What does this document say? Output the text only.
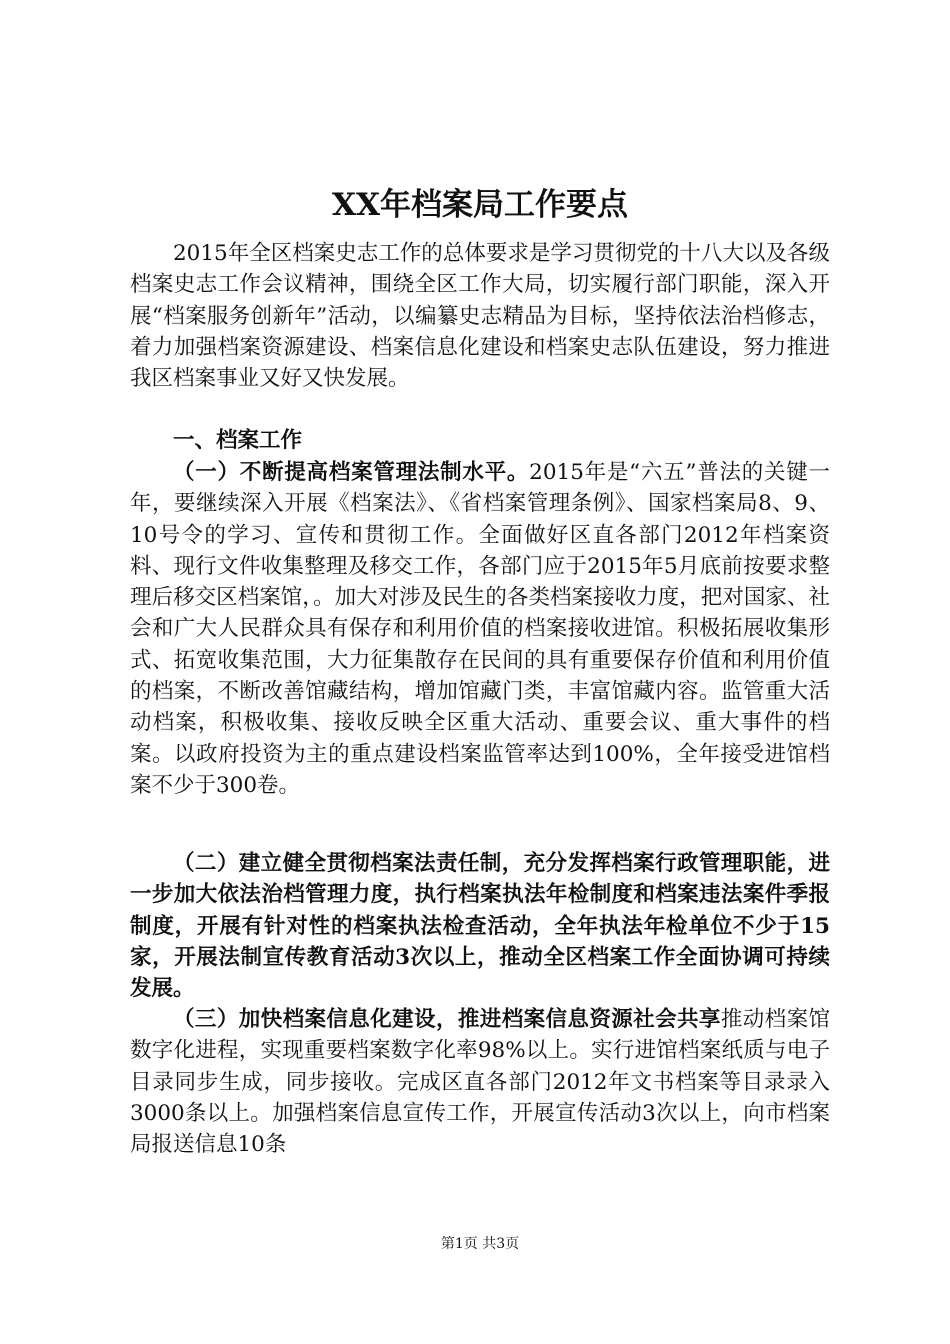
XX年档案局工作要点

2015年全区档案史志工作的总体要求是学习贯彻党的十八大以及各级档案史志工作会议精神，围绕全区工作大局，切实履行部门职能，深入开展“档案服务创新年”活动，以编纂史志精品为目标，坚持依法治档修志，着力加强档案资源建设、档案信息化建设和档案史志队伍建设，努力推进我区档案事业又好又快发展。

一、档案工作

（一）不断提高档案管理法制水平。2015年是“六五”普法的关键一年，要继续深入开展《档案法》、《省档案管理条例》、国家档案局8、9、10号令的学习、宣传和贯彻工作。全面做好区直各部门2012年档案资料、现行文件收集整理及移交工作，各部门应于2015年5月底前按要求整理后移交区档案馆，。加大对涉及民生的各类档案接收力度，把对国家、社会和广大人民群众具有保存和利用价值的档案接收进馆。积极拓展收集形式、拓宽收集范围，大力征集散存在民间的具有重要保存价值和利用价值的档案，不断改善馆藏结构，增加馆藏门类，丰富馆藏内容。监管重大活动档案，积极收集、接收反映全区重大活动、重要会议、重大事件的档案。以政府投资为主的重点建设档案监管率达到100%，全年接受进馆档案不少于300卷。

（二）建立健全贯彻档案法责任制，充分发挥档案行政管理职能，进一步加大依法治档管理力度，执行档案执法年检制度和档案违法案件季报制度，开展有针对性的档案执法检查活动，全年执法年检单位不少于15家，开展法制宣传教育活动3次以上，推动全区档案工作全面协调可持续发展。

（三）加快档案信息化建设，推进档案信息资源社会共享推动档案馆数字化进程，实现重要档案数字化率98%以上。实行进馆档案纸质与电子目录同步生成，同步接收。完成区直各部门2012年文书档案等目录录入3000条以上。加强档案信息宣传工作，开展宣传活动3次以上，向市档案局报送信息10条

第1页 共3页
